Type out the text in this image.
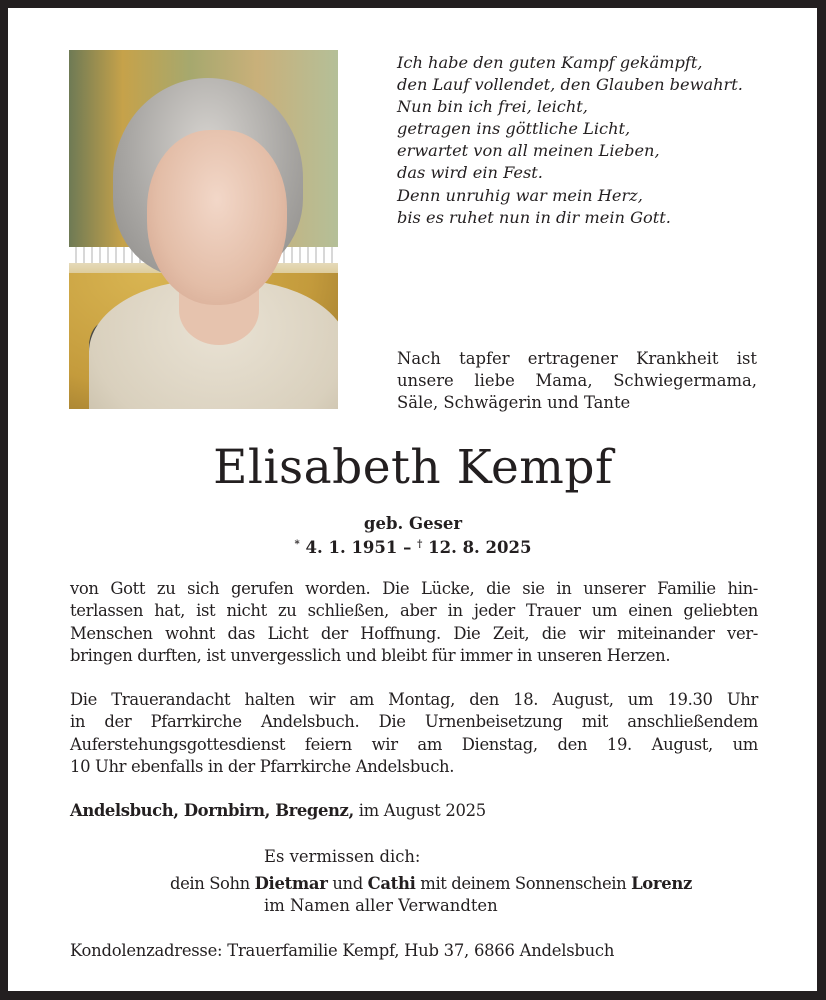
Ich habe den guten Kampf gekämpft,
den Lauf vollendet, den Glauben bewahrt.
Nun bin ich frei, leicht,
getragen ins göttliche Licht,
erwartet von all meinen Lieben,
das wird ein Fest.
Denn unruhig war mein Herz,
bis es ruhet nun in dir mein Gott.
Nach tapfer ertragener Krankheit ist
unsere liebe Mama, Schwiegermama,
Säle, Schwägerin und Tante
Elisabeth Kempf
geb. Geser
* 4. 1. 1951 – † 12. 8. 2025
von Gott zu sich gerufen worden. Die Lücke, die sie in unserer Familie hin-
terlassen hat, ist nicht zu schließen, aber in jeder Trauer um einen geliebten
Menschen wohnt das Licht der Hoffnung. Die Zeit, die wir miteinander ver-
bringen durften, ist unvergesslich und bleibt für immer in unseren Herzen.
Die Trauerandacht halten wir am Montag, den 18. August, um 19.30 Uhr
in der Pfarrkirche Andelsbuch. Die Urnenbeisetzung mit anschließendem
Auferstehungsgottesdienst feiern wir am Dienstag, den 19. August, um
10 Uhr ebenfalls in der Pfarrkirche Andelsbuch.
Andelsbuch, Dornbirn, Bregenz, im August 2025
Es vermissen dich:
dein Sohn Dietmar und Cathi mit deinem Sonnenschein Lorenz
im Namen aller Verwandten
Kondolenzadresse: Trauerfamilie Kempf, Hub 37, 6866 Andelsbuch
